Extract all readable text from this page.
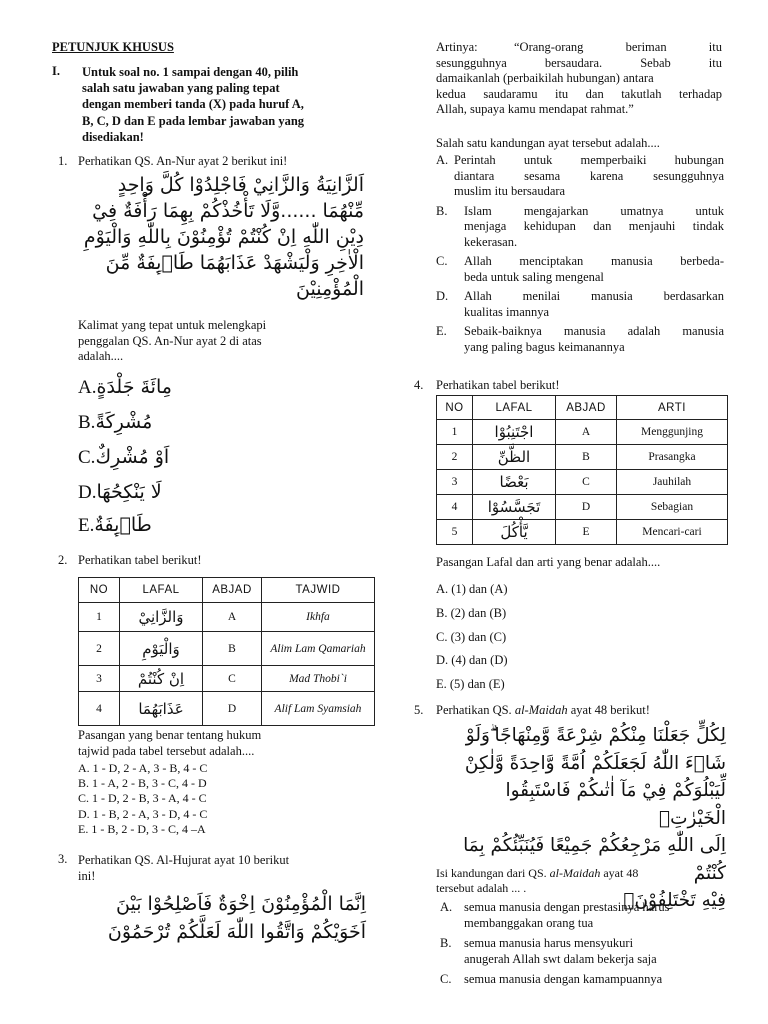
PETUNJUK KHUSUS
I. Untuk soal no. 1 sampai dengan 40, pilih
salah satu jawaban yang paling tepat
dengan memberi tanda (X) pada huruf A,
B, C, D dan E pada lembar jawaban yang
disediakan!
1. Perhatikan QS. An-Nur ayat 2 berikut ini!
اَلزَّانِيَةُ وَالزَّانِيْ فَاجْلِدُوْا كُلَّ وَاحِدٍ
مِّنْهُمَا ......وَّلَا تَأْخُذْكُمْ بِهِمَا رَأْفَةٌ فِيْ
دِيْنِ اللّٰهِ اِنْ كُنْتُمْ تُؤْمِنُوْنَ بِاللّٰهِ وَالْيَوْمِ
الْاٰخِرِ وَلْيَشْهَدْ عَذَابَهُمَا طَاۤىِٕفَةٌ مِّنَ
الْمُؤْمِنِيْنَ
Kalimat yang tepat untuk melengkapi
penggalan QS. An-Nur ayat 2 di atas
adalah....
A.مِائَةَ جَلْدَةٍ
B.مُشْرِكَةً
C.اَوْ مُشْرِكٌ
D.لَا يَنْكِحُهَا
E.طَاۤىِٕفَةٌ
2. Perhatikan tabel berikut!
NO	LAFAL	ABJAD	TAJWID
1	وَالزَّانِيْ	A	Ikhfa
2	وَالْيَوْمِ	B	Alim Lam Qamariah
3	اِنْ كُنْتُمْ	C	Mad Thobi`i
4	عَذَابَهُمَا	D	Alif Lam Syamsiah
Pasangan yang benar tentang hukum
tajwid pada tabel tersebut adalah....
A. 1 - D, 2 - A, 3 - B, 4 - C
B. 1 - A, 2 - B, 3 - C, 4 - D
C. 1 - D, 2 - B, 3 - A, 4 - C
D. 1 - B, 2 - A, 3 - D, 4 - C
E. 1 - B, 2 - D, 3 - C, 4 –A
3. Perhatikan QS. Al-Hujurat ayat 10 berikut
ini!
اِنَّمَا الْمُؤْمِنُوْنَ اِخْوَةٌ فَاَصْلِحُوْا بَيْنَ
اَخَوَيْكُمْ وَاتَّقُوا اللّٰهَ لَعَلَّكُمْ تُرْحَمُوْنَ
Artinya:	“Orang-orang beriman itu
sesungguhnya bersaudara. Sebab itu
damaikanlah (perbaikilah hubungan) antara
kedua saudaramu itu dan takutlah terhadap
Allah, supaya kamu mendapat rahmat.”
Salah satu kandungan ayat tersebut adalah....
A. Perintah untuk memperbaiki hubungan
diantara sesama karena sesungguhnya
muslim itu bersaudara
B. Islam mengajarkan umatnya untuk
menjaga kehidupan dan menjauhi tindak
kekerasan.
C. Allah menciptakan manusia berbeda-
beda untuk saling mengenal
D. Allah menilai manusia berdasarkan
kualitas imannya
E. Sebaik-baiknya manusia adalah manusia
yang paling bagus keimanannya
4. Perhatikan tabel berikut!
NO	LAFAL	ABJAD	ARTI
1	اجْتَنِبُوْا	A	Menggunjing
2	الظَّنِّ	B	Prasangka
3	بَعْضًا	C	Jauhilah
4	تَجَسَّسُوْا	D	Sebagian
5	يَّأْكُلَ	E	Mencari-cari
Pasangan Lafal dan arti yang benar adalah....
A. (1) dan (A)
B. (2) dan (B)
C. (3) dan (C)
D. (4) dan (D)
E. (5) dan (E)
5. Perhatikan QS. al-Maidah ayat 48 berikut!
لِكُلٍّ جَعَلْنَا مِنْكُمْ شِرْعَةً وَّمِنْهَاجًا ۗوَلَوْ
شَاۤءَ اللّٰهُ لَجَعَلَكُمْ اُمَّةً وَّاحِدَةً وَّلٰكِنْ
لِّيَبْلُوَكُمْ فِيْ مَآ اٰتٰىكُمْ فَاسْتَبِقُوا الْخَيْرٰتِۗ
اِلَى اللّٰهِ مَرْجِعُكُمْ جَمِيْعًا فَيُنَبِّئُكُمْ بِمَا كُنْتُمْ
فِيْهِ تَخْتَلِفُوْنَۙ
Isi kandungan dari QS. al-Maidah ayat 48
tersebut adalah ... .
A. semua manusia dengan prestasinya harus
membanggakan orang tua
B. semua manusia harus mensyukuri
anugerah Allah swt dalam bekerja saja
C. semua manusia dengan kamampuannya
